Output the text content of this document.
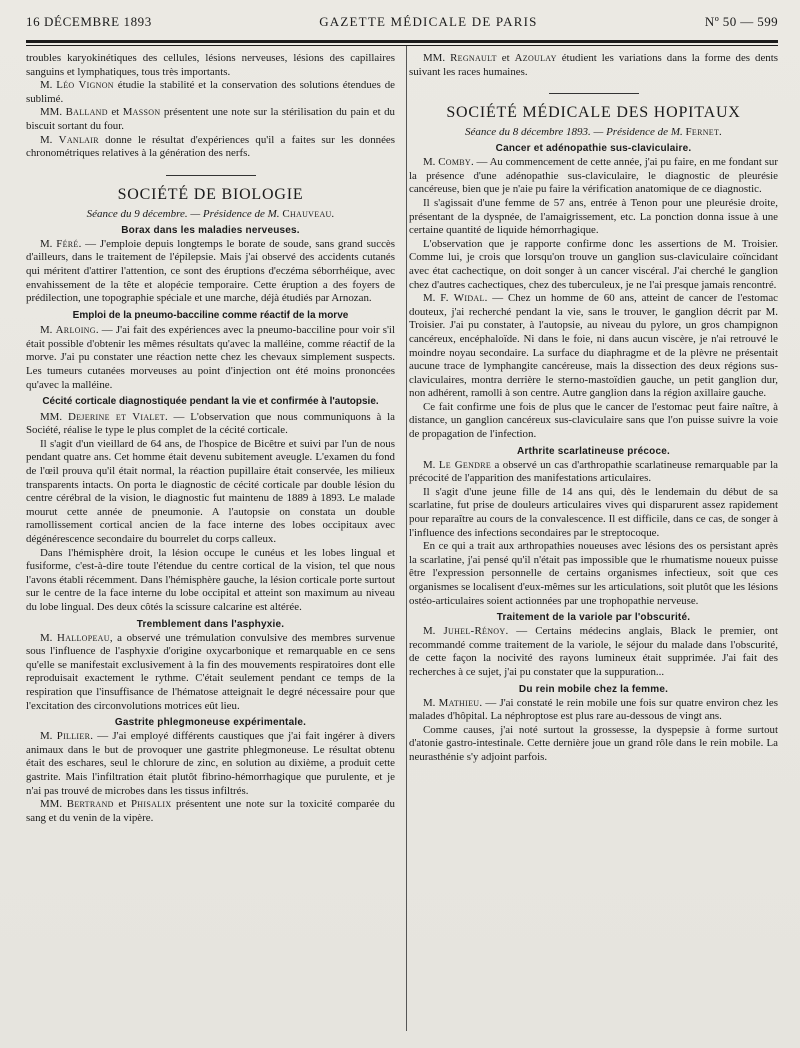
16 DÉCEMBRE 1893	GAZETTE MÉDICALE DE PARIS	Nº 50 — 599

troubles karyokinétiques des cellules, lésions nerveuses, lésions des capillaires sanguins et lymphatiques, tous très importants.

M. Léo Vignon étudie la stabilité et la conservation des solutions étendues de sublimé.

MM. Balland et Masson présentent une note sur la stérilisation du pain et du biscuit sortant du four.

M. Vanlair donne le résultat d'expériences qu'il a faites sur les données chronométriques relatives à la génération des nerfs.

SOCIÉTÉ DE BIOLOGIE
Séance du 9 décembre. — Présidence de M. Chauveau.
Borax dans les maladies nerveuses.

M. Féré. — J'emploie depuis longtemps le borate de soude, sans grand succès d'ailleurs, dans le traitement de l'épilepsie. Mais j'ai observé des accidents cutanés qui méritent d'attirer l'attention, ce sont des éruptions d'eczéma séborrhéique, avec envahissement de la tête et alopécie temporaire. Cette éruption a des foyers de prédilection, une topographie spéciale et une marche, déjà étudiés par Arnozan.

Emploi de la pneumo-bacciline comme réactif de la morve

M. Arloing. — J'ai fait des expériences avec la pneumo-bacciline pour voir s'il était possible d'obtenir les mêmes résultats qu'avec la malléine, comme réactif de la morve. J'ai pu constater une réaction nette chez les chevaux simplement suspects. Les tumeurs cutanées morveuses au point d'injection ont été moins prononcées qu'avec la malléine.

Cécité corticale diagnostiquée pendant la vie et confirmée à l'autopsie.

MM. Dejerine et Vialet. — L'observation que nous communiquons à la Société, réalise le type le plus complet de la cécité corticale.

Il s'agit d'un vieillard de 64 ans, de l'hospice de Bicêtre et suivi par l'un de nous pendant quatre ans. Cet homme était devenu subitement aveugle. L'examen du fond de l'œil prouva qu'il était normal, la réaction pupillaire était conservée, les milieux transparents intacts. On porta le diagnostic de cécité corticale par double lésion du centre cérébral de la vision, le diagnostic fut maintenu de 1889 à 1893. Le malade mourut cette année de pneumonie. A l'autopsie on constata un double ramollissement cortical ancien de la face interne des lobes occipitaux avec dégénérescence secondaire du bourrelet du corps calleux.

Dans l'hémisphère droit, la lésion occupe le cunéus et les lobes lingual et fusiforme, c'est-à-dire toute l'étendue du centre cortical de la vision, tel que nous l'avons établi récemment. Dans l'hémisphère gauche, la lésion corticale porte surtout sur le centre de la face interne du lobe occipital et atteint son maximum au niveau du lobe lingual. Des deux côtés la scissure calcarine est altérée.

Tremblement dans l'asphyxie.

M. Hallopeau, a observé une trémulation convulsive des membres survenue sous l'influence de l'asphyxie d'origine oxycarbonique et remarquable en ce sens qu'elle se manifestait exclusivement à la fin des mouvements respiratoires dont elle reproduisait exactement le rythme. C'était seulement pendant ce temps de la respiration que l'insuffisance de l'hématose atteignait le degré nécessaire pour que l'excitation des circonvolutions motrices eût lieu.

Gastrite phlegmoneuse expérimentale.

M. Pillier. — J'ai employé différents caustiques que j'ai fait ingérer à divers animaux dans le but de provoquer une gastrite phlegmoneuse. Le résultat obtenu était des eschares, seul le chlorure de zinc, en solution au dixième, a produit cette gastrite. Mais l'infiltration était plutôt fibrino-hémorrhagique que purulente, et je n'ai pas trouvé de microbes dans les tissus infiltrés.

MM. Bertrand et Phisalix présentent une note sur la toxicité comparée du sang et du venin de la vipère.

MM. Regnault et Azoulay étudient les variations dans la forme des dents suivant les races humaines.

SOCIÉTÉ MÉDICALE DES HOPITAUX
Séance du 8 décembre 1893. — Présidence de M. Fernet.
Cancer et adénopathie sus-claviculaire.

M. Comby. — Au commencement de cette année, j'ai pu faire, en me fondant sur la présence d'une adénopathie sus-claviculaire, le diagnostic de pleurésie cancéreuse, bien que je n'aie pu faire la vérification anatomique de ce diagnostic.

Il s'agissait d'une femme de 57 ans, entrée à Tenon pour une pleurésie droite, présentant de la dyspnée, de l'amaigrissement, etc. La ponction donna issue à une certaine quantité de liquide hémorrhagique.

L'observation que je rapporte confirme donc les assertions de M. Troisier. Comme lui, je crois que lorsqu'on trouve un ganglion sus-claviculaire coïncidant avec état cachectique, on doit songer à un cancer viscéral. J'ai cherché le ganglion chez d'autres cachectiques, chez des tuberculeux, je ne l'ai presque jamais rencontré.

M. F. Widal. — Chez un homme de 60 ans, atteint de cancer de l'estomac douteux, j'ai recherché pendant la vie, sans le trouver, le ganglion décrit par M. Troisier. J'ai pu constater, à l'autopsie, au niveau du pylore, un gros champignon cancéreux, encéphaloïde. Ni dans le foie, ni dans aucun viscère, je n'ai retrouvé le moindre noyau secondaire. La surface du diaphragme et de la plèvre ne présentait aucune trace de lymphangite cancéreuse, mais la dissection des deux régions sus-claviculaires, montra derrière le sterno-mastoïdien gauche, un petit ganglion dur, non adhérent, ramolli à son centre. Autre ganglion dans la région axillaire gauche.

Ce fait confirme une fois de plus que le cancer de l'estomac peut faire naître, à distance, un ganglion cancéreux sus-claviculaire sans que l'on puisse suivre la voie de propagation de l'infection.

Arthrite scarlatineuse précoce.

M. Le Gendre a observé un cas d'arthropathie scarlatineuse remarquable par la précocité de l'apparition des manifestations articulaires.

Il s'agit d'une jeune fille de 14 ans qui, dès le lendemain du début de sa scarlatine, fut prise de douleurs articulaires vives qui disparurent assez rapidement pour reparaître au cours de la convalescence. Il est difficile, dans ce cas, de songer à l'influence des infections secondaires par le streptocoque.

En ce qui a trait aux arthropathies noueuses avec lésions des os persistant après la scarlatine, j'ai pensé qu'il n'était pas impossible que le rhumatisme noueux puisse être l'expression personnelle de certains organismes infectieux, soit que ces organismes se localisent d'eux-mêmes sur les articulations, soit plutôt que les lésions ostéo-articulaires soient actionnées par une trophopathie nerveuse.

Traitement de la variole par l'obscurité.

M. Juhel-Rénoy. — Certains médecins anglais, Black le premier, ont recommandé comme traitement de la variole, le séjour du malade dans l'obscurité, de cette façon la nocivité des rayons lumineux était supprimée. J'ai fait des recherches à ce sujet, j'ai pu constater que la suppuration...

Du rein mobile chez la femme.

M. Mathieu. — J'ai constaté le rein mobile une fois sur quatre environ chez les malades d'hôpital. La néphroptose est plus rare au-dessous de vingt ans.

Comme causes, j'ai noté surtout la grossesse, la dyspepsie à forme surtout d'atonie gastro-intestinale. Cette dernière joue un grand rôle dans le rein mobile. La neurasthénie s'y adjoint parfois.
